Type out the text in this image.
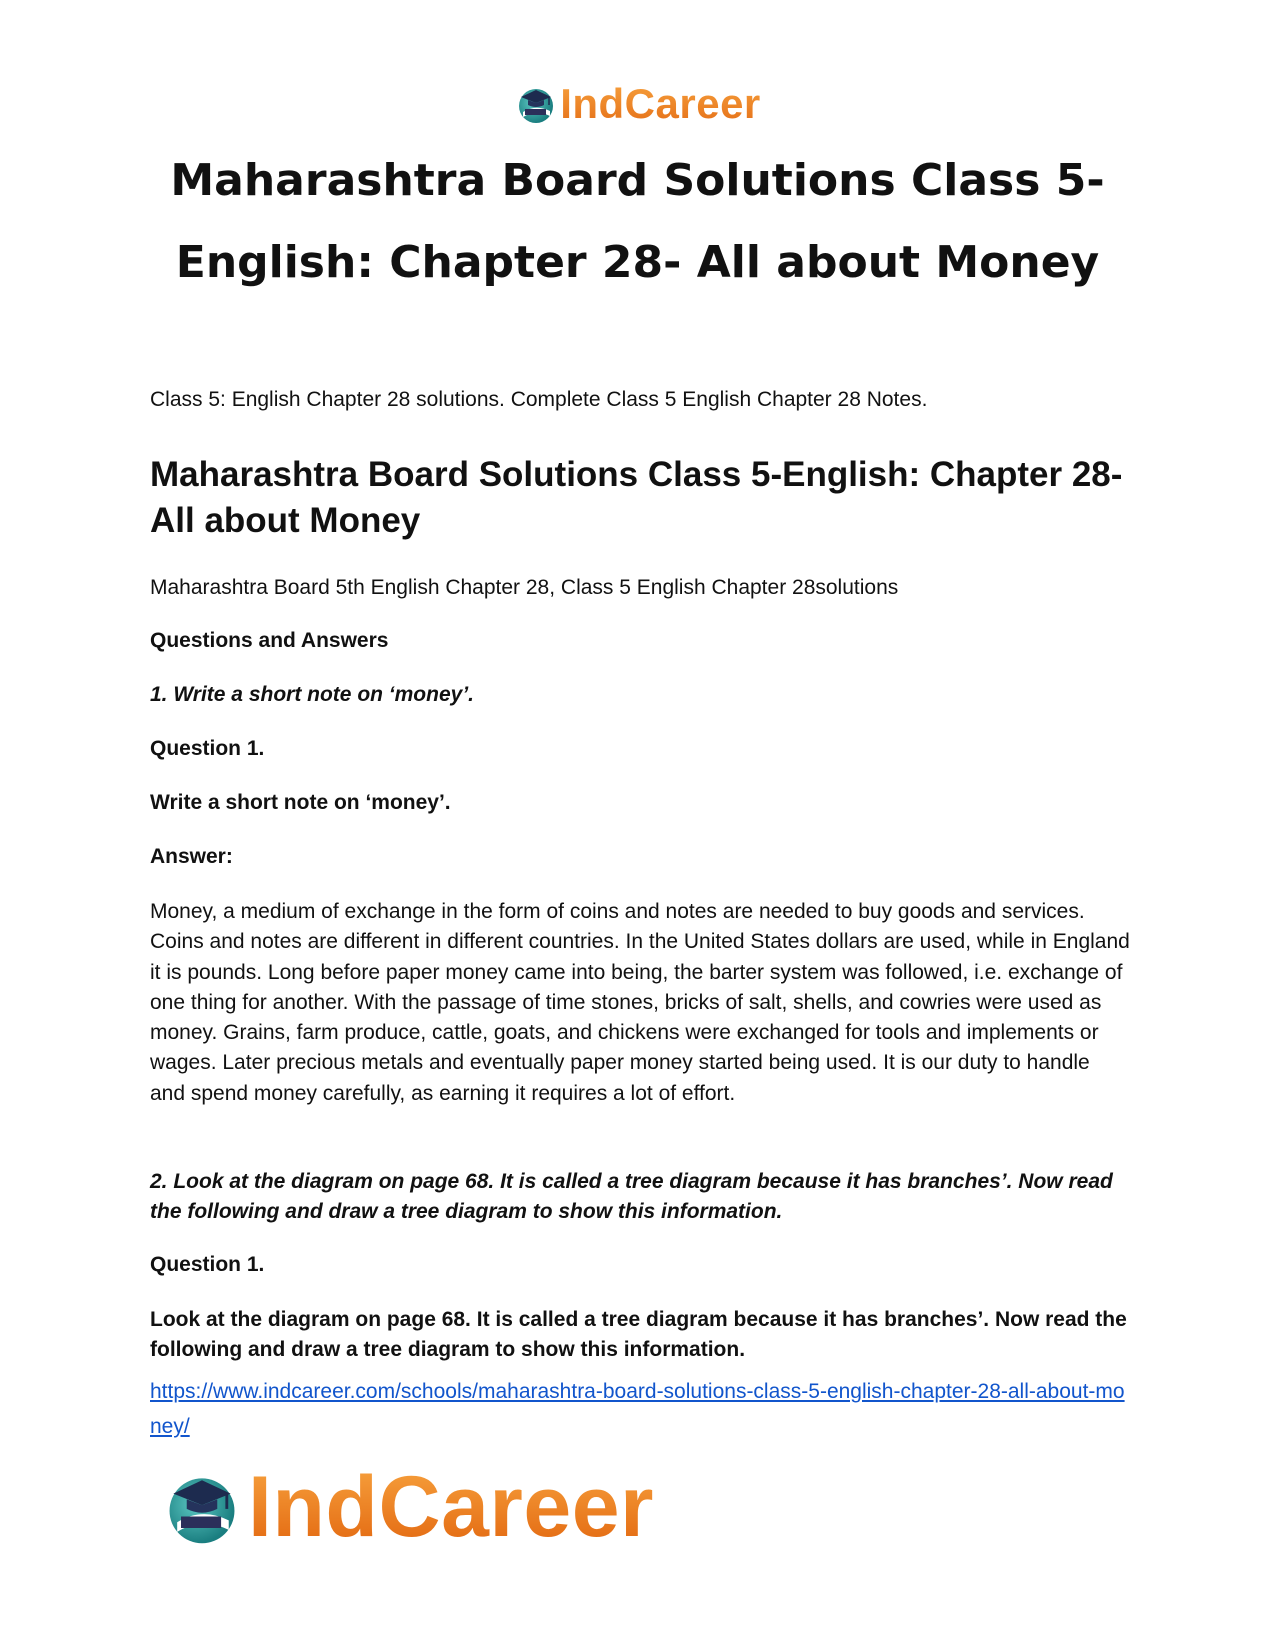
IndCareer
Maharashtra Board Solutions Class 5-English: Chapter 28- All about Money

Class 5: English Chapter 28 solutions. Complete Class 5 English Chapter 28 Notes.

Maharashtra Board Solutions Class 5-English: Chapter 28- All about Money

Maharashtra Board 5th English Chapter 28, Class 5 English Chapter 28solutions

Questions and Answers

1. Write a short note on ‘money’.

Question 1.

Write a short note on ‘money’.

Answer:

Money, a medium of exchange in the form of coins and notes are needed to buy goods and services. Coins and notes are different in different countries. In the United States dollars are used, while in England it is pounds. Long before paper money came into being, the barter system was followed, i.e. exchange of one thing for another. With the passage of time stones, bricks of salt, shells, and cowries were used as money. Grains, farm produce, cattle, goats, and chickens were exchanged for tools and implements or wages. Later precious metals and eventually paper money started being used. It is our duty to handle and spend money carefully, as earning it requires a lot of effort.

2. Look at the diagram on page 68. It is called a tree diagram because it has branches’. Now read the following and draw a tree diagram to show this information.

Question 1.

Look at the diagram on page 68. It is called a tree diagram because it has branches’. Now read the following and draw a tree diagram to show this information.

https://www.indcareer.com/schools/maharashtra-board-solutions-class-5-english-chapter-28-all-about-money/

IndCareer
